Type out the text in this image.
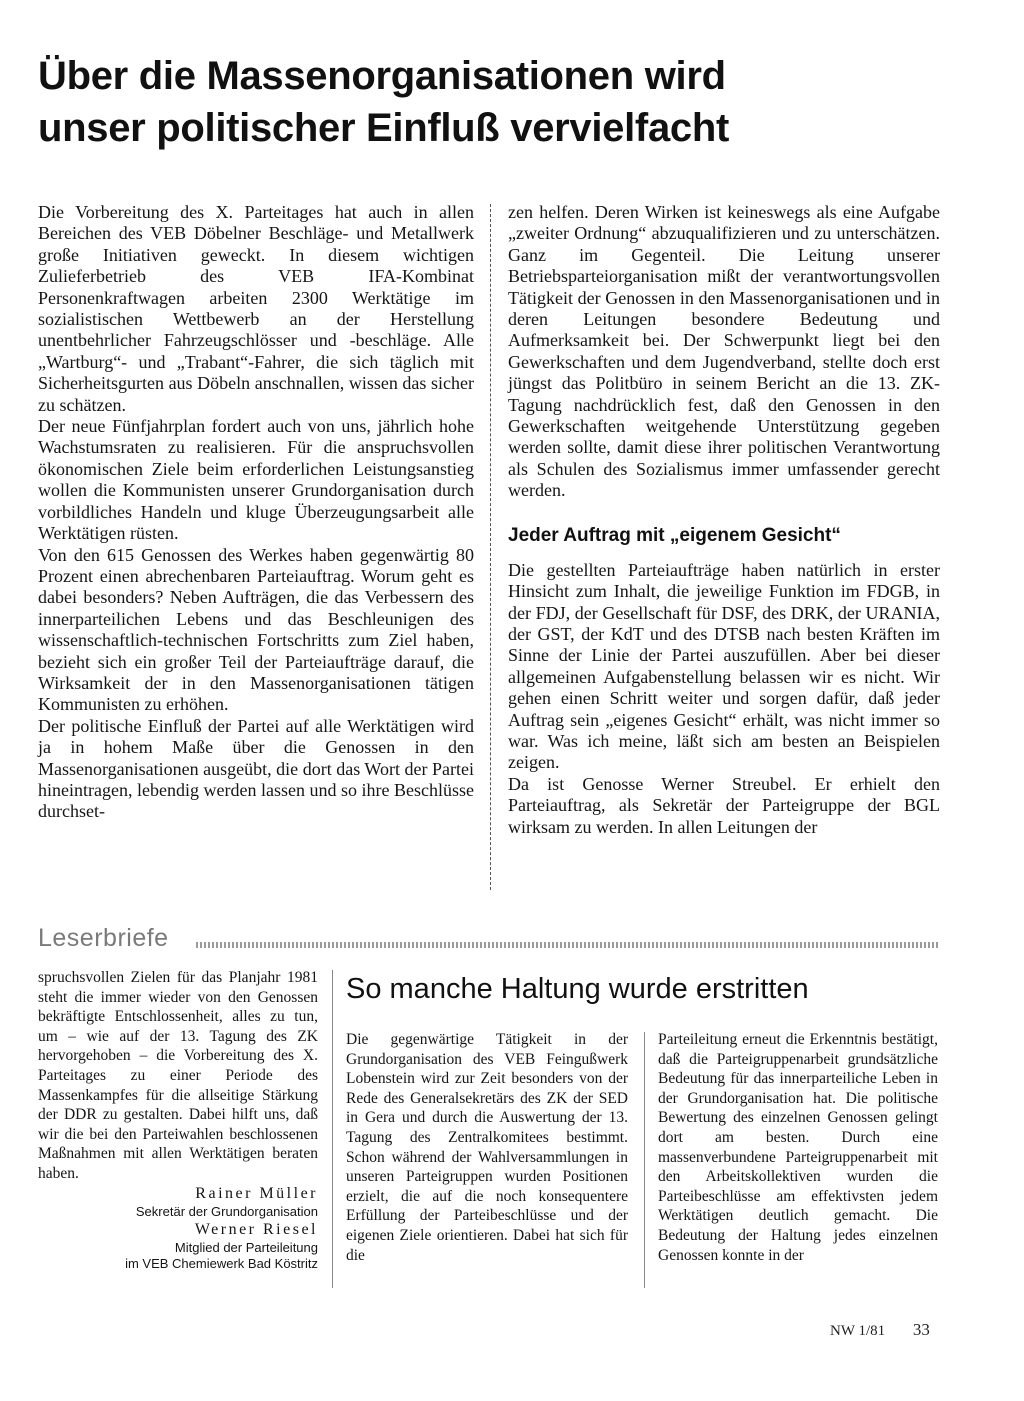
Über die Massenorganisationen wird
unser politischer Einfluß vervielfacht

Die Vorbereitung des X. Parteitages hat auch in allen Bereichen des VEB Döbelner Beschläge- und Metallwerk große Initiativen geweckt. In diesem wichtigen Zulieferbetrieb des VEB IFA-Kombinat Personenkraftwagen arbeiten 2300 Werktätige im sozialistischen Wettbewerb an der Herstellung unentbehrlicher Fahrzeugschlösser und -beschläge. Alle „Wartburg“- und „Trabant“-Fahrer, die sich täglich mit Sicherheitsgurten aus Döbeln anschnallen, wissen das sicher zu schätzen.

Der neue Fünfjahrplan fordert auch von uns, jährlich hohe Wachstumsraten zu realisieren. Für die anspruchsvollen ökonomischen Ziele beim erforderlichen Leistungsanstieg wollen die Kommunisten unserer Grundorganisation durch vorbildliches Handeln und kluge Überzeugungsarbeit alle Werktätigen rüsten.

Von den 615 Genossen des Werkes haben gegenwärtig 80 Prozent einen abrechenbaren Parteiauftrag. Worum geht es dabei besonders? Neben Aufträgen, die das Verbessern des innerparteilichen Lebens und das Beschleunigen des wissenschaftlich-technischen Fortschritts zum Ziel haben, bezieht sich ein großer Teil der Parteiaufträge darauf, die Wirksamkeit der in den Massenorganisationen tätigen Kommunisten zu erhöhen.

Der politische Einfluß der Partei auf alle Werktätigen wird ja in hohem Maße über die Genossen in den Massenorganisationen ausgeübt, die dort das Wort der Partei hineintragen, lebendig werden lassen und so ihre Beschlüsse durchset-

zen helfen. Deren Wirken ist keineswegs als eine Aufgabe „zweiter Ordnung“ abzuqualifizieren und zu unterschätzen. Ganz im Gegenteil. Die Leitung unserer Betriebsparteiorganisation mißt der verantwortungsvollen Tätigkeit der Genossen in den Massenorganisationen und in deren Leitungen besondere Bedeutung und Aufmerksamkeit bei. Der Schwerpunkt liegt bei den Gewerkschaften und dem Jugendverband, stellte doch erst jüngst das Politbüro in seinem Bericht an die 13. ZK-Tagung nachdrücklich fest, daß den Genossen in den Gewerkschaften weitgehende Unterstützung gegeben werden sollte, damit diese ihrer politischen Verantwortung als Schulen des Sozialismus immer umfassender gerecht werden.

Jeder Auftrag mit „eigenem Gesicht“

Die gestellten Parteiaufträge haben natürlich in erster Hinsicht zum Inhalt, die jeweilige Funktion im FDGB, in der FDJ, der Gesellschaft für DSF, des DRK, der URANIA, der GST, der KdT und des DTSB nach besten Kräften im Sinne der Linie der Partei auszufüllen. Aber bei dieser allgemeinen Aufgabenstellung belassen wir es nicht. Wir gehen einen Schritt weiter und sorgen dafür, daß jeder Auftrag sein „eigenes Gesicht“ erhält, was nicht immer so war. Was ich meine, läßt sich am besten an Beispielen zeigen.

Da ist Genosse Werner Streubel. Er erhielt den Parteiauftrag, als Sekretär der Parteigruppe der BGL wirksam zu werden. In allen Leitungen der

Leserbriefe

spruchsvollen Zielen für das Planjahr 1981 steht die immer wieder von den Genossen bekräftigte Entschlossenheit, alles zu tun, um – wie auf der 13. Tagung des ZK hervorgehoben – die Vorbereitung des X. Parteitages zu einer Periode des Massenkampfes für die allseitige Stärkung der DDR zu gestalten. Dabei hilft uns, daß wir die bei den Parteiwahlen beschlossenen Maßnahmen mit allen Werktätigen beraten haben.

Rainer Müller
Sekretär der Grundorganisation
Werner Riesel
Mitglied der Parteileitung
im VEB Chemiewerk Bad Köstritz
So manche Haltung wurde erstritten

Die gegenwärtige Tätigkeit in der Grundorganisation des VEB Feingußwerk Lobenstein wird zur Zeit besonders von der Rede des Generalsekretärs des ZK der SED in Gera und durch die Auswertung der 13. Tagung des Zentralkomitees bestimmt. Schon während der Wahlversammlungen in unseren Parteigruppen wurden Positionen erzielt, die auf die noch konsequentere Erfüllung der Parteibeschlüsse und der eigenen Ziele orientieren. Dabei hat sich für die

Parteileitung erneut die Erkenntnis bestätigt, daß die Parteigruppenarbeit grundsätzliche Bedeutung für das innerparteiliche Leben in der Grundorganisation hat. Die politische Bewertung des einzelnen Genossen gelingt dort am besten. Durch eine massenverbundene Parteigruppenarbeit mit den Arbeitskollektiven wurden die Parteibeschlüsse am effektivsten jedem Werktätigen deutlich gemacht. Die Bedeutung der Haltung jedes einzelnen Genossen konnte in der

NW 1/81 33
